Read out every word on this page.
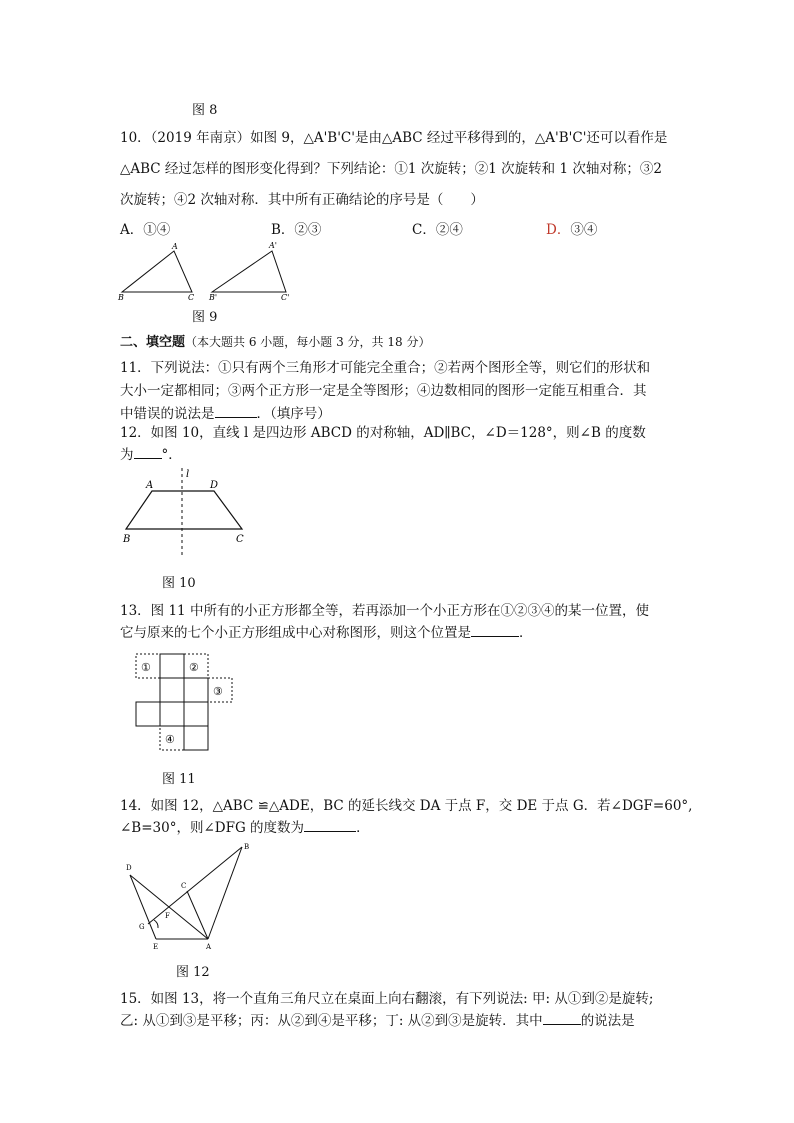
图 8
10．（2019 年南京）如图 9，△A'B'C'是由△ABC 经过平移得到的，△A'B'C'还可以看作是
△ABC 经过怎样的图形变化得到？下列结论：①1 次旋转；②1 次旋转和 1 次轴对称；③2
次旋转；④2 次轴对称．其中所有正确结论的序号是（　　）
A．①④	B．②③	C．②④	D．③④
A
B	C
A'
B'	C'
图 9
二、填空题（本大题共 6 小题，每小题 3 分，共 18 分）
11．下列说法：①只有两个三角形才可能完全重合；②若两个图形全等，则它们的形状和
大小一定都相同；③两个正方形一定是全等图形；④边数相同的图形一定能互相重合．其
中错误的说法是	．（填序号）
12．如图 10，直线 l 是四边形 ABCD 的对称轴，AD∥BC，∠D＝128°，则∠B 的度数
为 °．
l
A	D
B	C
图 10
13．图 11 中所有的小正方形都全等，若再添加一个小正方形在①②③④的某一位置，使
它与原来的七个小正方形组成中心对称图形，则这个位置是	．
①	②
③
④
图 11
14．如图 12，△ABC ≌△ADE，BC 的延长线交 DA 于点 F，交 DE 于点 G．若∠DGF=60°,
∠B=30°，则∠DFG 的度数为	．
D
B
C
F
G
E	A
图 12
15．如图 13，将一个直角三角尺立在桌面上向右翻滚，有下列说法: 甲: 从①到②是旋转;
乙: 从①到③是平移；丙：从②到④是平移；丁: 从②到③是旋转．其中	的说法是
